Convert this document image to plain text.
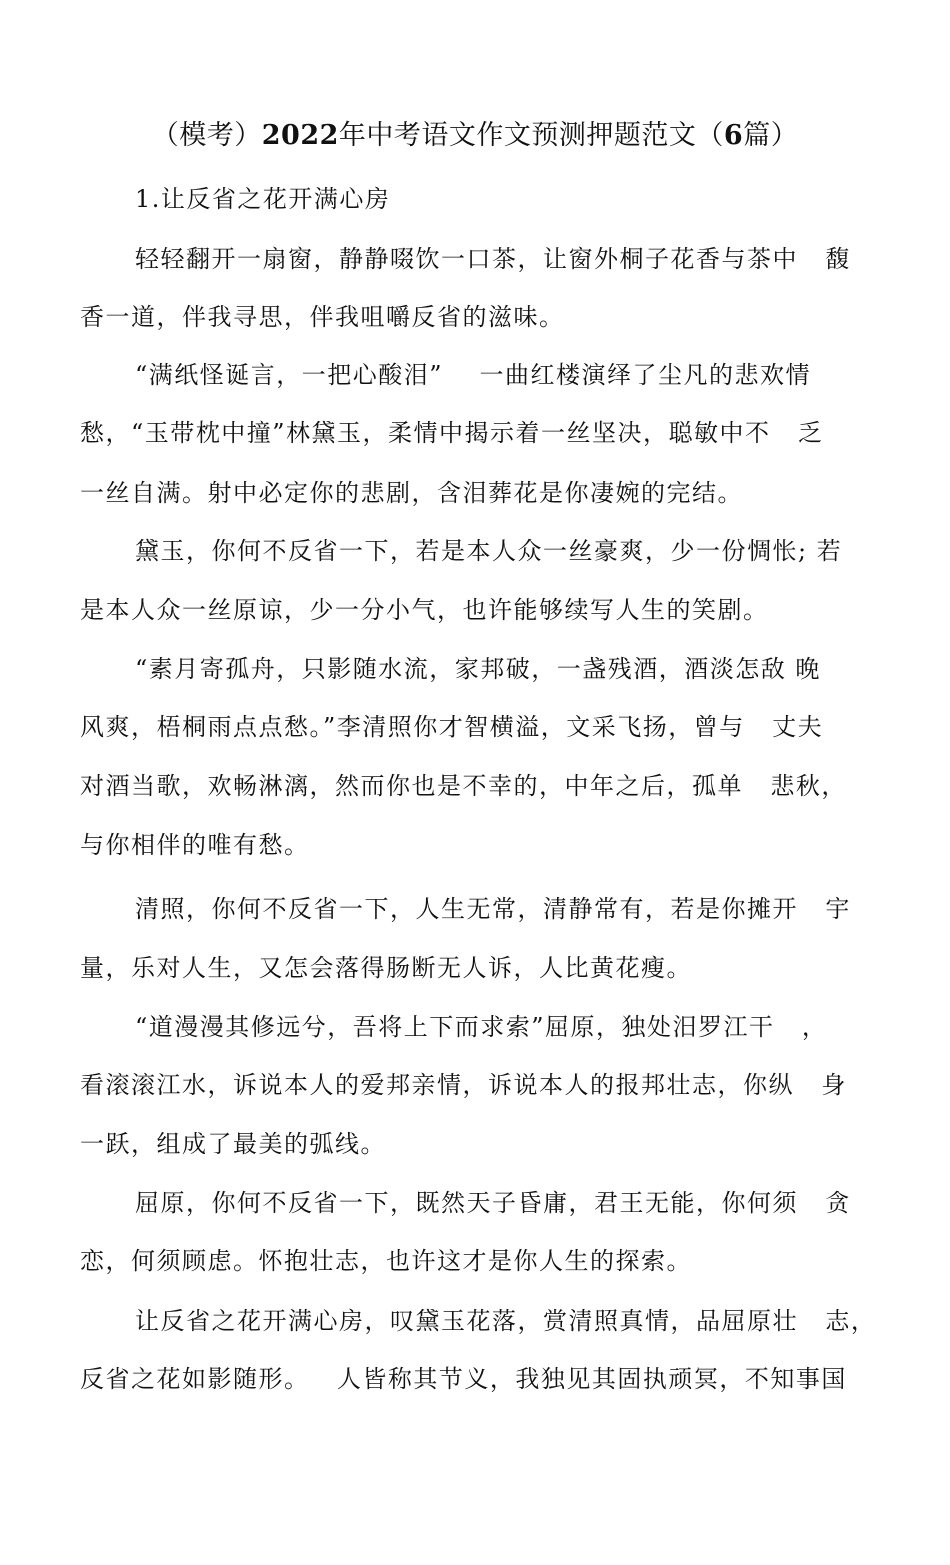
（模考）2022年中考语文作文预测押题范文（6篇）
1.让反省之花开满心房
轻轻翻开一扇窗，静静啜饮一口茶，让窗外桐子花香与茶中   馥
香一道，伴我寻思，伴我咀嚼反省的滋味。
“满纸怪诞言，一把心酸泪”    一曲红楼演绎了尘凡的悲欢情
愁，“玉带枕中撞”林黛玉，柔情中揭示着一丝坚决，聪敏中不   乏
一丝自满。射中必定你的悲剧，含泪葬花是你凄婉的完结。
黛玉，你何不反省一下，若是本人众一丝豪爽，少一份惆怅; 若
是本人众一丝原谅，少一分小气，也许能够续写人生的笑剧。
“素月寄孤舟，只影随水流，家邦破，一盏残酒，酒淡怎敌 晚
风爽，梧桐雨点点愁。”李清照你才智横溢，文采飞扬，曾与   丈夫
对酒当歌，欢畅淋漓，然而你也是不幸的，中年之后，孤单   悲秋，
与你相伴的唯有愁。
清照，你何不反省一下，人生无常，清静常有，若是你摊开   宇
量，乐对人生，又怎会落得肠断无人诉，人比黄花瘦。
“道漫漫其修远兮，吾将上下而求索”屈原，独处汨罗江干   ，
看滚滚江水，诉说本人的爱邦亲情，诉说本人的报邦壮志，你纵   身
一跃，组成了最美的弧线。
屈原，你何不反省一下，既然天子昏庸，君王无能，你何须   贪
恋，何须顾虑。怀抱壮志，也许这才是你人生的探索。
让反省之花开满心房，叹黛玉花落，赏清照真情，品屈原壮   志，
反省之花如影随形。   人皆称其节义，我独见其固执顽冥，不知事国
